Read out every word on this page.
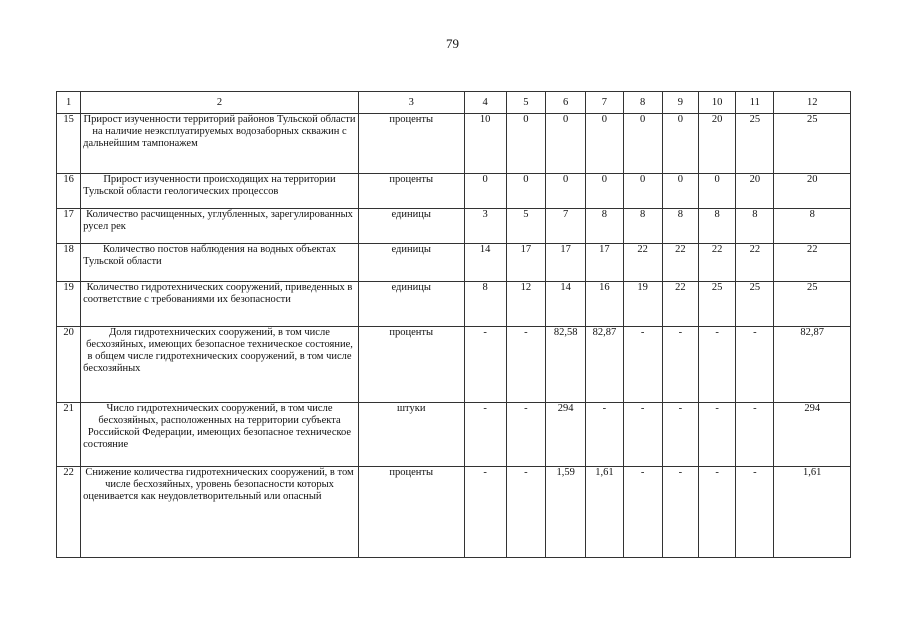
79
1	2	3	4	5	6	7	8	9	10	11	12
15	Прирост изученности территорий районов Тульской области на наличие неэксплуатируемых водозаборных скважин с дальнейшим тампонажем	проценты	10	0	0	0	0	0	20	25	25
16	Прирост изученности происходящих на территории Тульской области геологических процессов	проценты	0	0	0	0	0	0	0	20	20
17	Количество расчищенных, углубленных, зарегулированных русел рек	единицы	3	5	7	8	8	8	8	8	8
18	Количество постов наблюдения на водных объектах Тульской области	единицы	14	17	17	17	22	22	22	22	22
19	Количество гидротехнических сооружений, приведенных в соответствие с требованиями их безопасности	единицы	8	12	14	16	19	22	25	25	25
20	Доля гидротехнических сооружений, в том числе бесхозяйных, имеющих безопасное техническое состояние, в общем числе гидротехнических сооружений, в том числе бесхозяйных	проценты	-	-	82,58	82,87	-	-	-	-	82,87
21	Число гидротехнических сооружений, в том числе бесхозяйных, расположенных на территории субъекта Российской Федерации, имеющих безопасное техническое состояние	штуки	-	-	294	-	-	-	-	-	294
22	Снижение количества гидротехнических сооружений, в том числе бесхозяйных, уровень безопасности которых оценивается как неудовлетворительный или опасный	проценты	-	-	1,59	1,61	-	-	-	-	1,61
